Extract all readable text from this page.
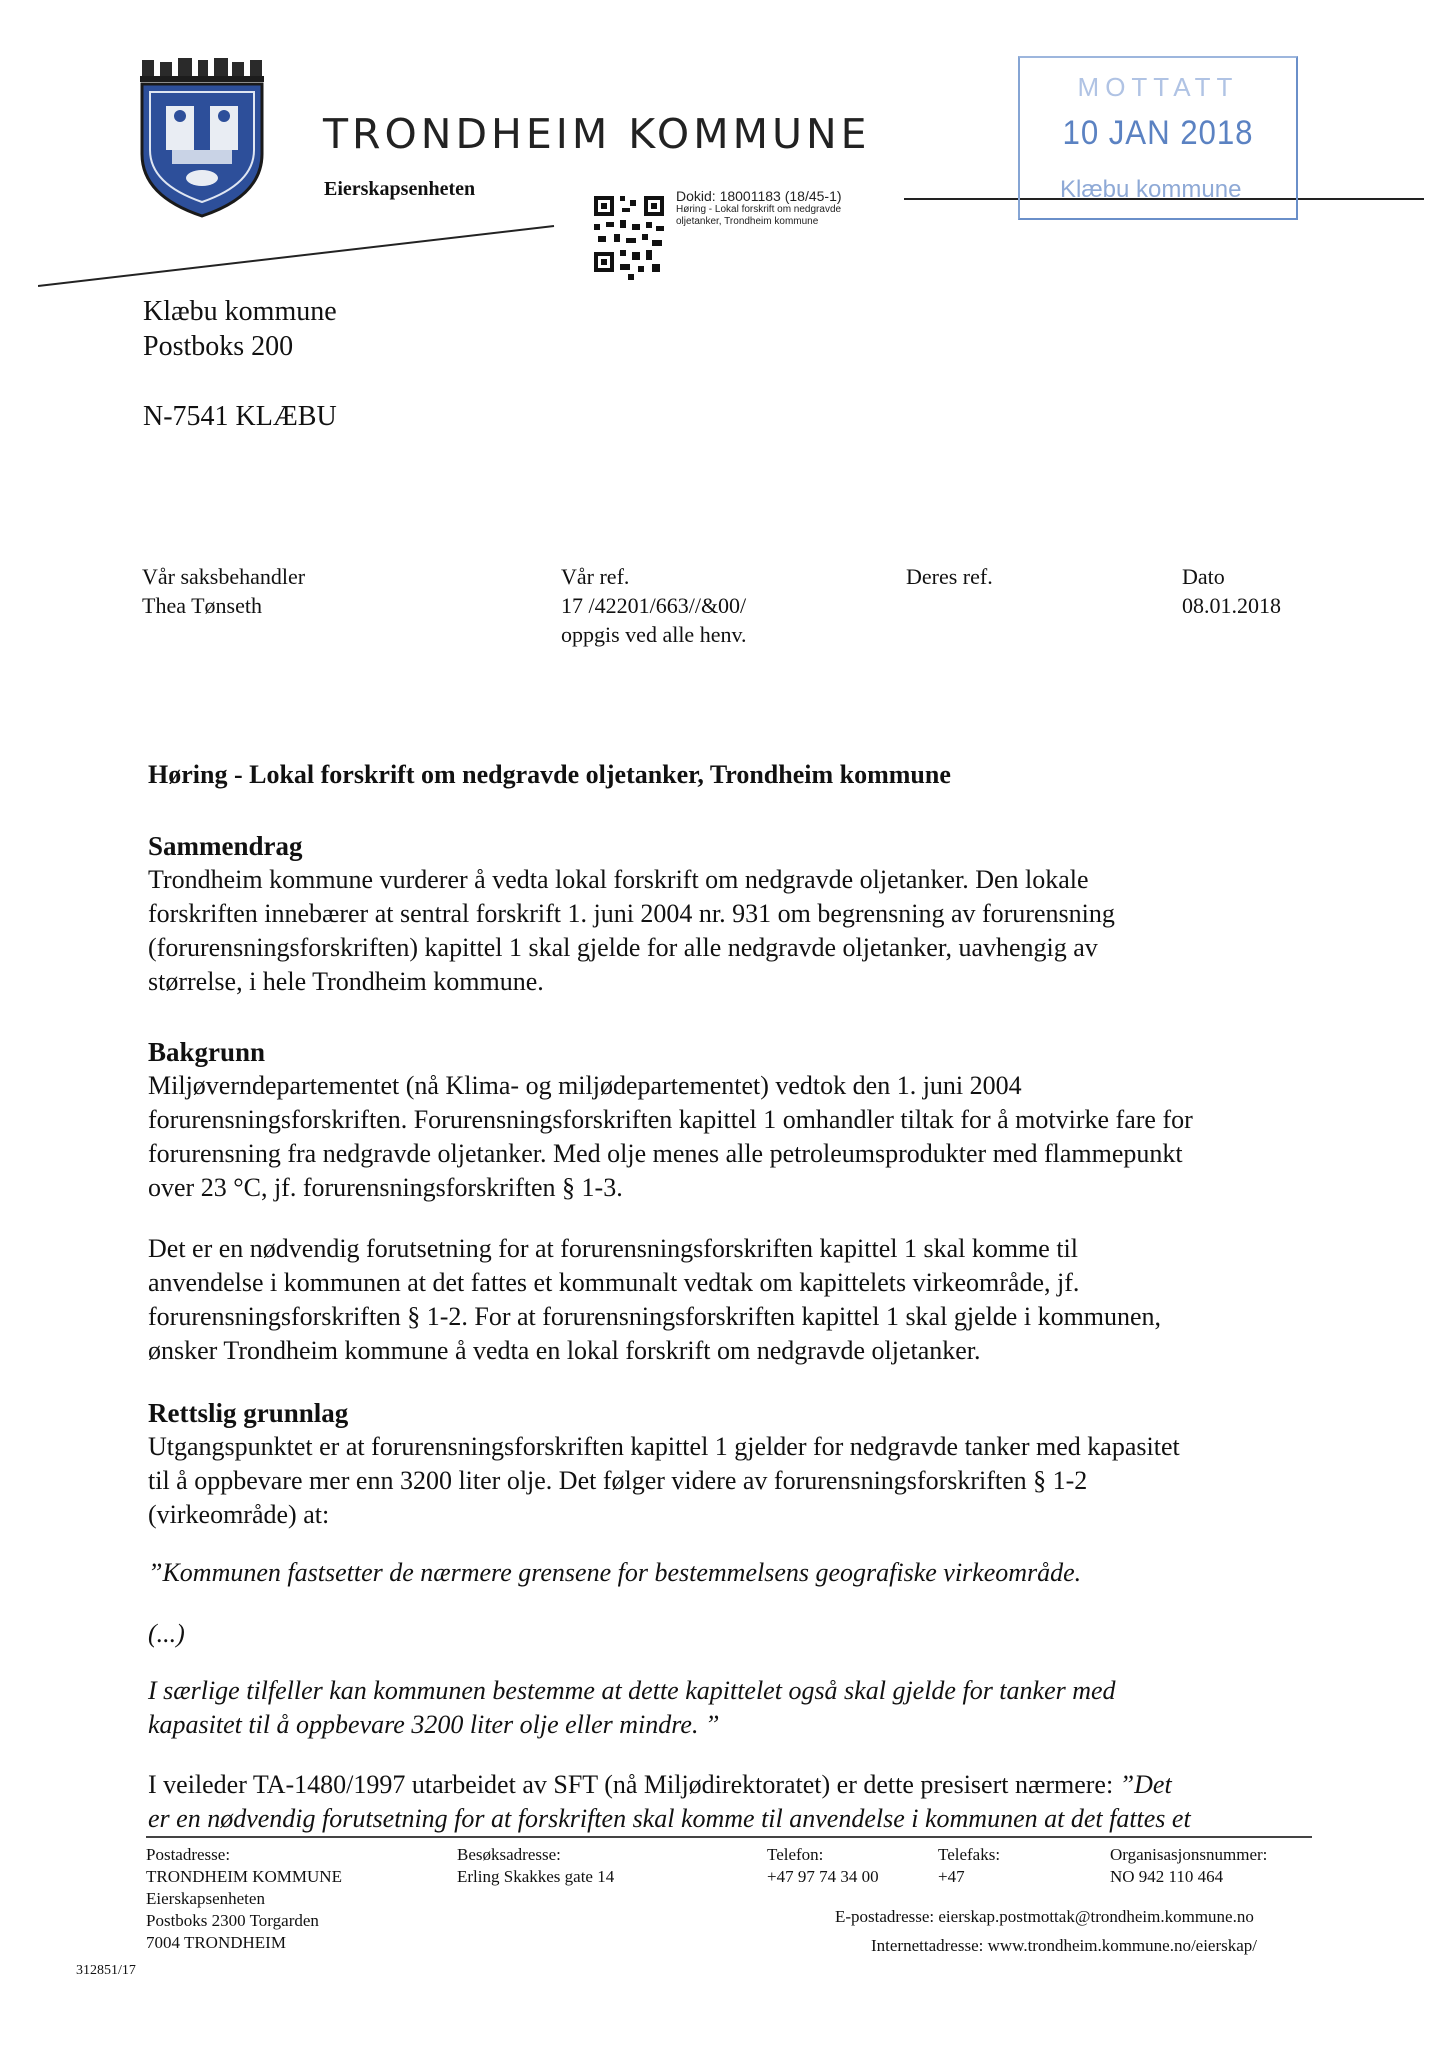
TRONDHEIM KOMMUNE
Eierskapsenheten	Dokid: 18001183 (18/45-1)
Høring - Lokal forskrift om nedgravde
oljetanker, Trondheim kommune
MOTTATT
10 JAN 2018
Klæbu kommune
Klæbu kommune
Postboks 200
N-7541 KLÆBU
Vår saksbehandler
Thea Tønseth
Vår ref.
17 /42201/663//&00/
oppgis ved alle henv.
Deres ref.	Dato
08.01.2018
Høring - Lokal forskrift om nedgravde oljetanker, Trondheim kommune
Sammendrag
Trondheim kommune vurderer å vedta lokal forskrift om nedgravde oljetanker. Den lokale
forskriften innebærer at sentral forskrift 1. juni 2004 nr. 931 om begrensning av forurensning
(forurensningsforskriften) kapittel 1 skal gjelde for alle nedgravde oljetanker, uavhengig av
størrelse, i hele Trondheim kommune.
Bakgrunn
Miljøverndepartementet (nå Klima- og miljødepartementet) vedtok den 1. juni 2004
forurensningsforskriften. Forurensningsforskriften kapittel 1 omhandler tiltak for å motvirke fare for
forurensning fra nedgravde oljetanker. Med olje menes alle petroleumsprodukter med flammepunkt
over 23 °C, jf. forurensningsforskriften § 1-3.
Det er en nødvendig forutsetning for at forurensningsforskriften kapittel 1 skal komme til
anvendelse i kommunen at det fattes et kommunalt vedtak om kapittelets virkeområde, jf.
forurensningsforskriften § 1-2. For at forurensningsforskriften kapittel 1 skal gjelde i kommunen,
ønsker Trondheim kommune å vedta en lokal forskrift om nedgravde oljetanker.
Rettslig grunnlag
Utgangspunktet er at forurensningsforskriften kapittel 1 gjelder for nedgravde tanker med kapasitet
til å oppbevare mer enn 3200 liter olje. Det følger videre av forurensningsforskriften § 1-2
(virkeområde) at:
”Kommunen fastsetter de nærmere grensene for bestemmelsens geografiske virkeområde.
(...)
I særlige tilfeller kan kommunen bestemme at dette kapittelet også skal gjelde for tanker med
kapasitet til å oppbevare 3200 liter olje eller mindre. ”
I veileder TA-1480/1997 utarbeidet av SFT (nå Miljødirektoratet) er dette presisert nærmere: ”Det
er en nødvendig forutsetning for at forskriften skal komme til anvendelse i kommunen at det fattes et
Postadresse:
TRONDHEIM KOMMUNE
Eierskapsenheten
Postboks 2300 Torgarden
7004 TRONDHEIM
Besøksadresse:
Erling Skakkes gate 14
Telefon:
+47 97 74 34 00
Telefaks:
+47
Organisasjonsnummer:
NO 942 110 464
E-postadresse: eierskap.postmottak@trondheim.kommune.no
Internettadresse: www.trondheim.kommune.no/eierskap/
312851/17
